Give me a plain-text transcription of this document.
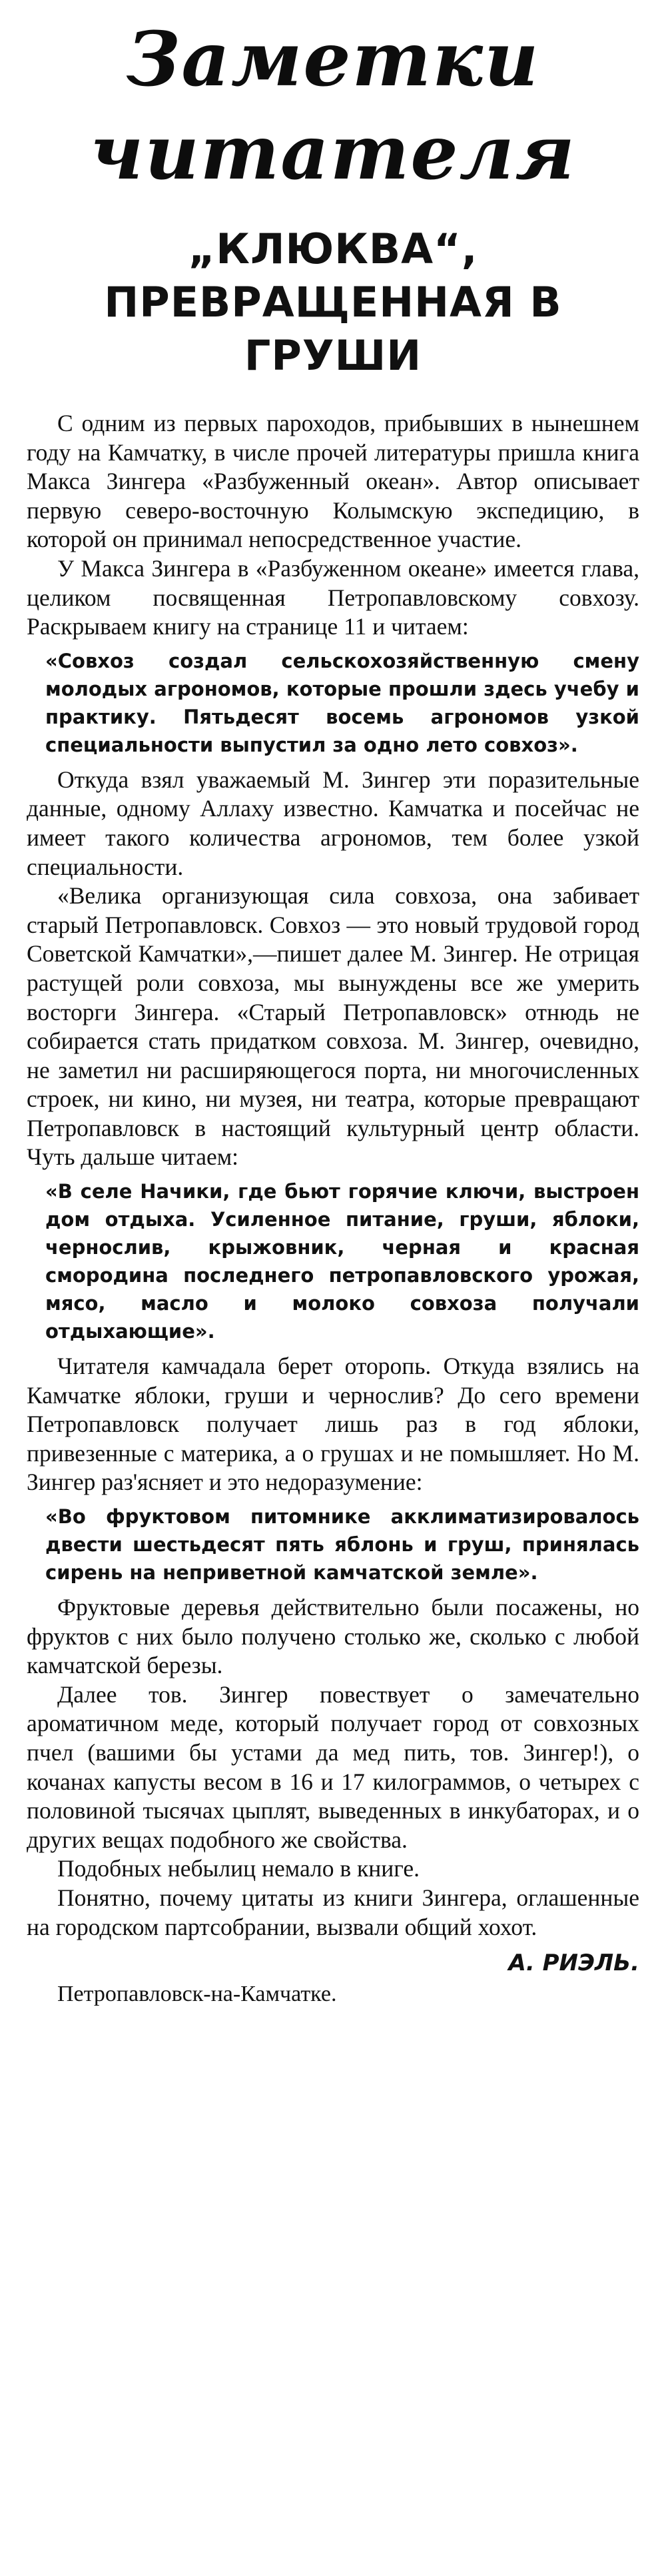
Заметки
читателя
„КЛЮКВА“,
ПРЕВРАЩЕННАЯ В ГРУШИ

С одним из первых пароходов, прибывших в нынешнем году на Камчатку, в числе прочей литературы пришла книга Макса Зингера «Разбуженный океан». Автор описывает первую северо-восточную Колымскую экспедицию, в которой он принимал непосредственное участие.

У Макса Зингера в «Разбуженном океане» имеется глава, целиком посвященная Петропавловскому совхозу. Раскрываем книгу на странице 11 и читаем:

«Совхоз создал сельскохозяйственную смену молодых агрономов, которые прошли здесь учебу и практику. Пятьдесят восемь агрономов узкой специальности выпустил за одно лето совхоз».

Откуда взял уважаемый М. Зингер эти поразительные данные, одному Аллаху известно. Камчатка и посейчас не имеет такого количества агрономов, тем более узкой специальности.

«Велика организующая сила совхоза, она забивает старый Петропавловск. Совхоз — это новый трудовой город Советской Камчатки»,—пишет далее М. Зингер. Не отрицая растущей роли совхоза, мы вынуждены все же умерить восторги Зингера. «Старый Петропавловск» отнюдь не собирается стать придатком совхоза. М. Зингер, очевидно, не заметил ни расширяющегося порта, ни многочисленных строек, ни кино, ни музея, ни театра, которые превращают Петропавловск в настоящий культурный центр области. Чуть дальше читаем:

«В селе Начики, где бьют горячие ключи, выстроен дом отдыха. Усиленное питание, груши, яблоки, чернослив, крыжовник, черная и красная смородина последнего петропавловского урожая, мясо, масло и молоко совхоза получали отдыхающие».

Читателя камчадала берет оторопь. Откуда взялись на Камчатке яблоки, груши и чернослив? До сего времени Петропавловск получает лишь раз в год яблоки, привезенные с материка, а о грушах и не помышляет. Но М. Зингер раз'ясняет и это недоразумение:

«Во фруктовом питомнике акклиматизировалось двести шестьдесят пять яблонь и груш, принялась сирень на неприветной камчатской земле».

Фруктовые деревья действительно были посажены, но фруктов с них было получено столько же, сколько с любой камчатской березы.

Далее тов. Зингер повествует о замечательно ароматичном меде, который получает город от совхозных пчел (вашими бы устами да мед пить, тов. Зингер!), о кочанах капусты весом в 16 и 17 килограммов, о четырех с половиной тысячах цыплят, выведенных в инкубаторах, и о других вещах подобного же свойства.

Подобных небылиц немало в книге.

Понятно, почему цитаты из книги Зингера, оглашенные на городском партсобрании, вызвали общий хохот.

А. РИЭЛЬ.

Петропавловск-на-Камчатке.
